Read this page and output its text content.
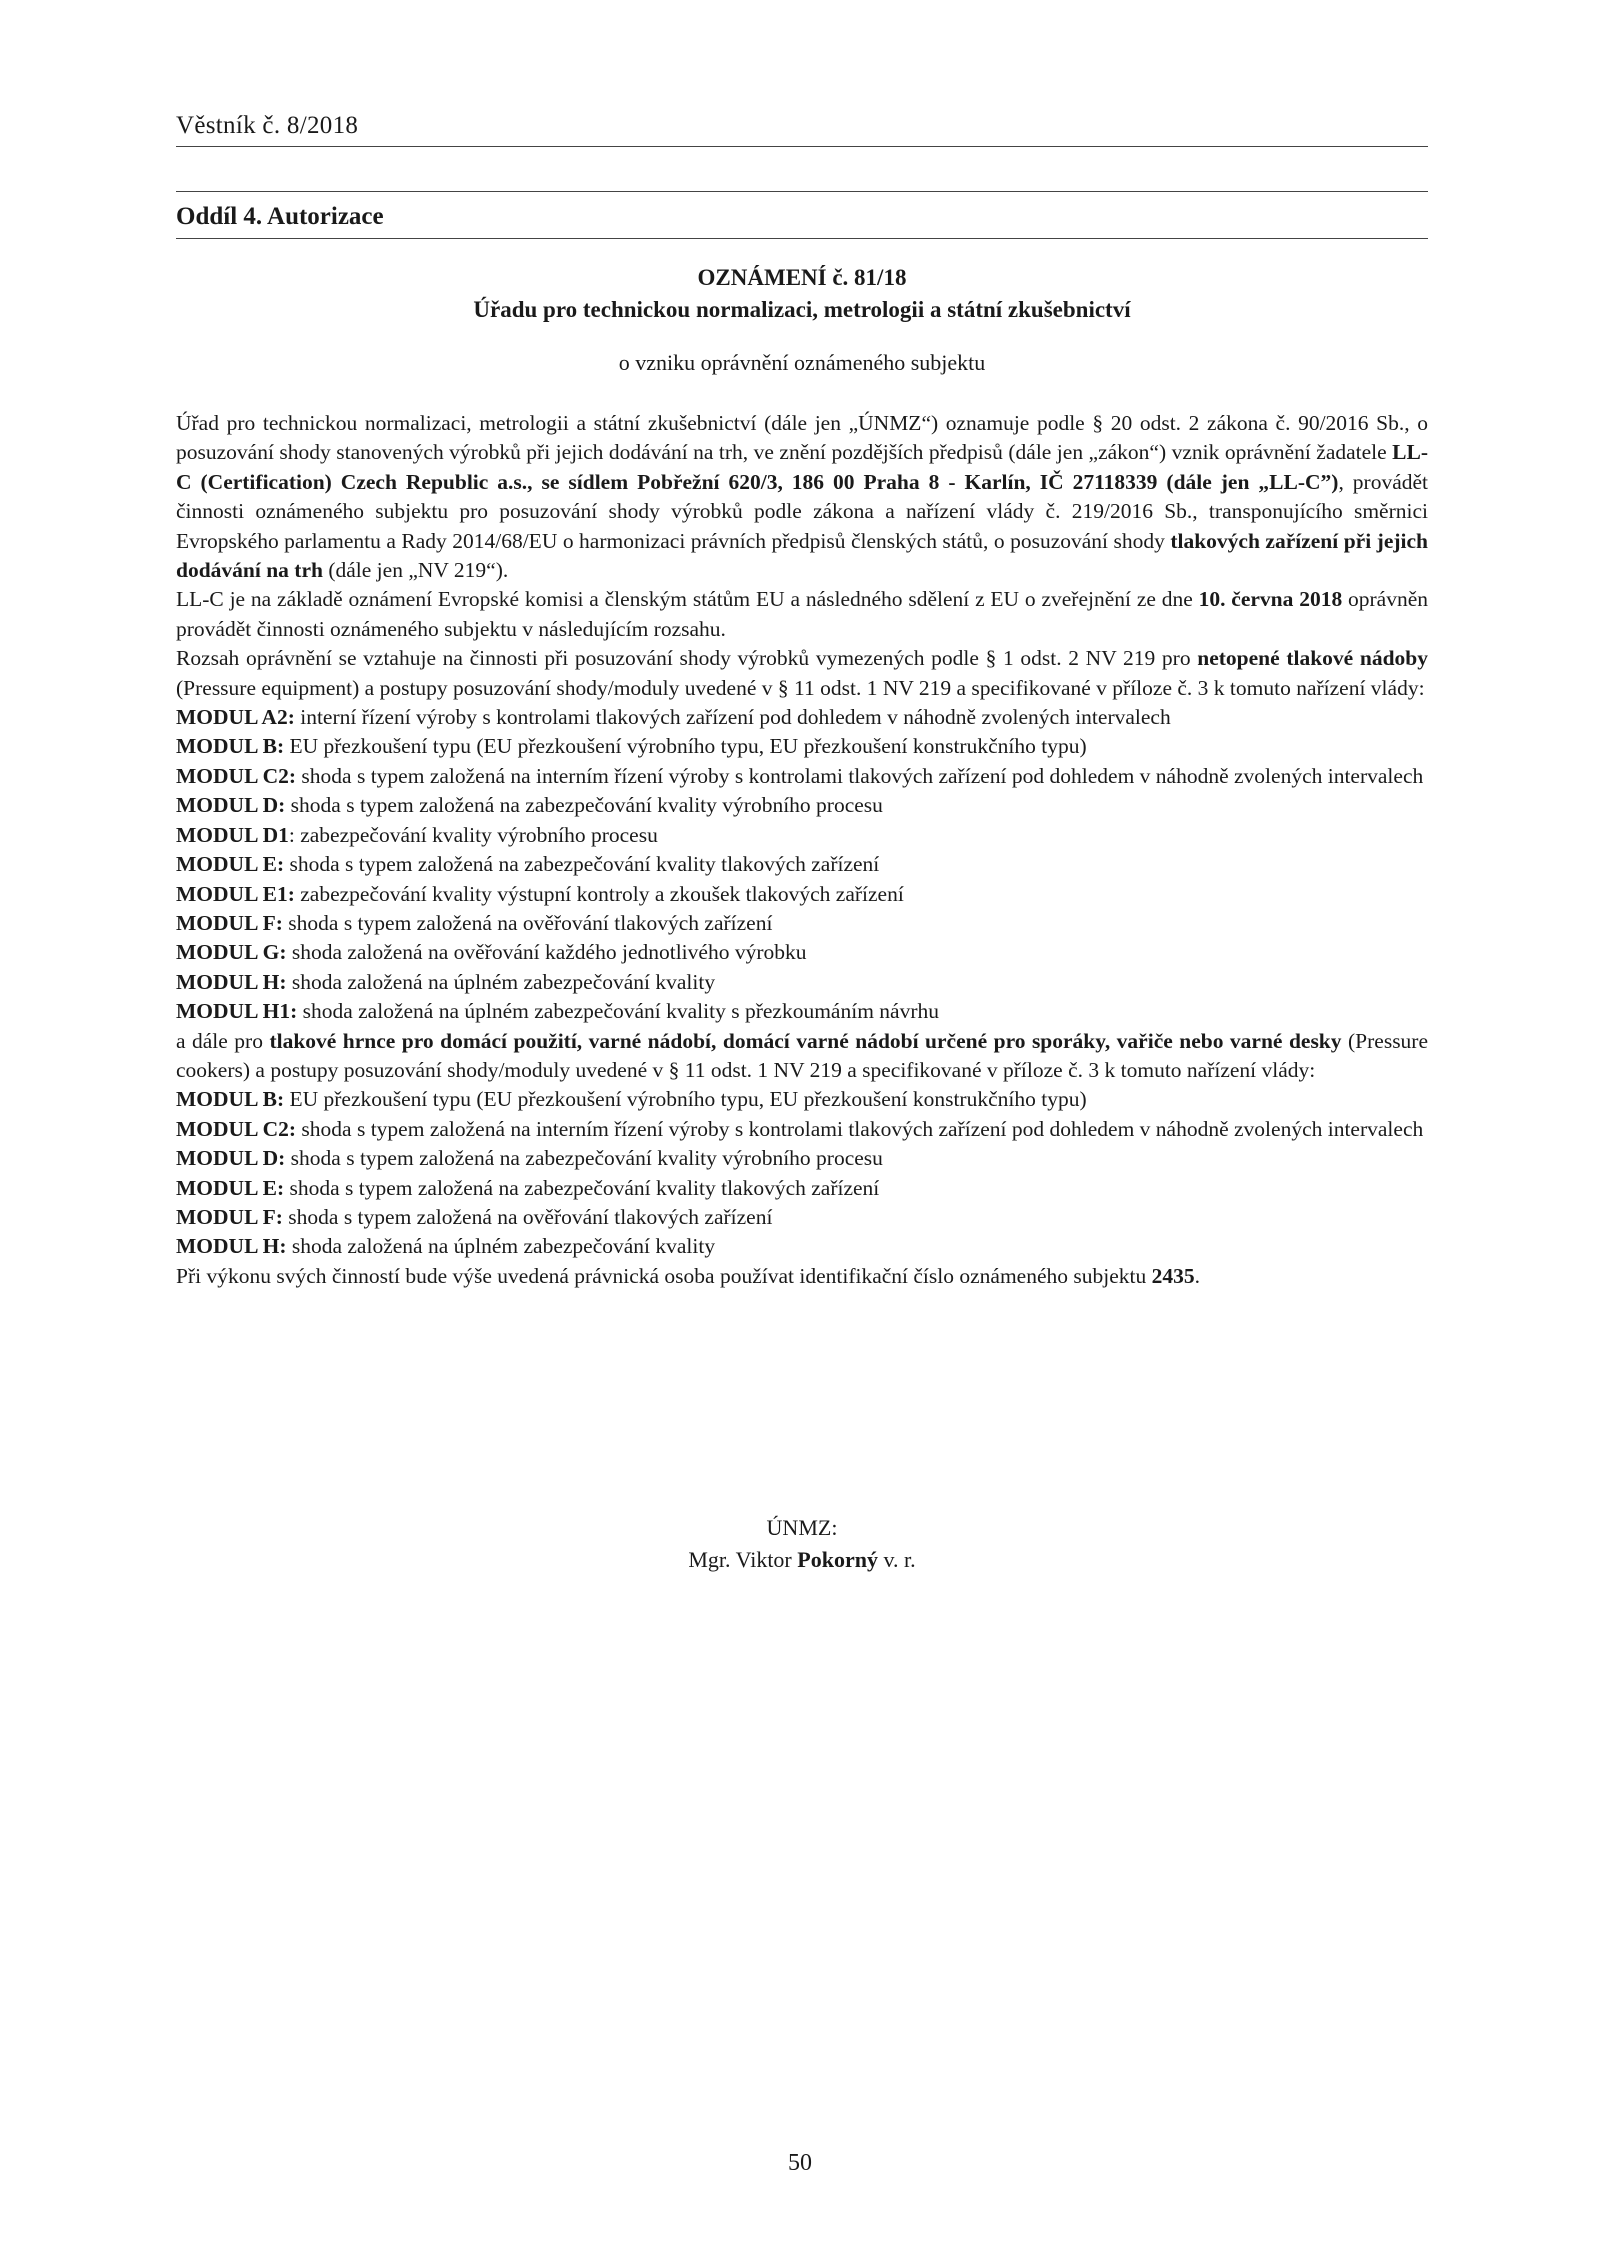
Věstník č. 8/2018
Oddíl 4. Autorizace
OZNÁMENÍ č. 81/18
Úřadu pro technickou normalizaci, metrologii a státní zkušebnictví
o vzniku oprávnění oznámeného subjektu

Úřad pro technickou normalizaci, metrologii a státní zkušebnictví (dále jen „ÚNMZ“) oznamuje podle § 20 odst. 2 zákona č. 90/2016 Sb., o posuzování shody stanovených výrobků při jejich dodávání na trh, ve znění pozdějších předpisů (dále jen „zákon“) vznik oprávnění žadatele LL-C (Certification) Czech Republic a.s., se sídlem Pobřežní 620/3, 186 00 Praha 8 - Karlín, IČ 27118339 (dále jen „LL-C”), provádět činnosti oznámeného subjektu pro posuzování shody výrobků podle zákona a nařízení vlády č. 219/2016 Sb., transponujícího směrnici Evropského parlamentu a Rady 2014/68/EU o harmonizaci právních předpisů členských států, o posuzování shody tlakových zařízení při jejich dodávání na trh (dále jen „NV 219“).

LL-C je na základě oznámení Evropské komisi a členským státům EU a následného sdělení z EU o zveřejnění ze dne 10. června 2018 oprávněn provádět činnosti oznámeného subjektu v následujícím rozsahu.

Rozsah oprávnění se vztahuje na činnosti při posuzování shody výrobků vymezených podle § 1 odst. 2 NV 219 pro netopené tlakové nádoby (Pressure equipment) a postupy posuzování shody/moduly uvedené v § 11 odst. 1 NV 219 a specifikované v příloze č. 3 k tomuto nařízení vlády:

MODUL A2: interní řízení výroby s kontrolami tlakových zařízení pod dohledem v náhodně zvolených intervalech

MODUL B: EU přezkoušení typu (EU přezkoušení výrobního typu, EU přezkoušení konstrukčního typu)

MODUL C2: shoda s typem založená na interním řízení výroby s kontrolami tlakových zařízení pod dohledem v náhodně zvolených intervalech

MODUL D: shoda s typem založená na zabezpečování kvality výrobního procesu

MODUL D1: zabezpečování kvality výrobního procesu

MODUL E: shoda s typem založená na zabezpečování kvality tlakových zařízení

MODUL E1: zabezpečování kvality výstupní kontroly a zkoušek tlakových zařízení

MODUL F: shoda s typem založená na ověřování tlakových zařízení

MODUL G: shoda založená na ověřování každého jednotlivého výrobku

MODUL H: shoda založená na úplném zabezpečování kvality

MODUL H1: shoda založená na úplném zabezpečování kvality s přezkoumáním návrhu

a dále pro tlakové hrnce pro domácí použití, varné nádobí, domácí varné nádobí určené pro sporáky, vařiče nebo varné desky (Pressure cookers) a postupy posuzování shody/moduly uvedené v § 11 odst. 1 NV 219 a specifikované v příloze č. 3 k tomuto nařízení vlády:

MODUL B: EU přezkoušení typu (EU přezkoušení výrobního typu, EU přezkoušení konstrukčního typu)

MODUL C2: shoda s typem založená na interním řízení výroby s kontrolami tlakových zařízení pod dohledem v náhodně zvolených intervalech

MODUL D: shoda s typem založená na zabezpečování kvality výrobního procesu

MODUL E: shoda s typem založená na zabezpečování kvality tlakových zařízení

MODUL F: shoda s typem založená na ověřování tlakových zařízení

MODUL H: shoda založená na úplném zabezpečování kvality

Při výkonu svých činností bude výše uvedená právnická osoba používat identifikační číslo oznámeného subjektu 2435.

ÚNMZ:
Mgr. Viktor Pokorný v. r.
50
